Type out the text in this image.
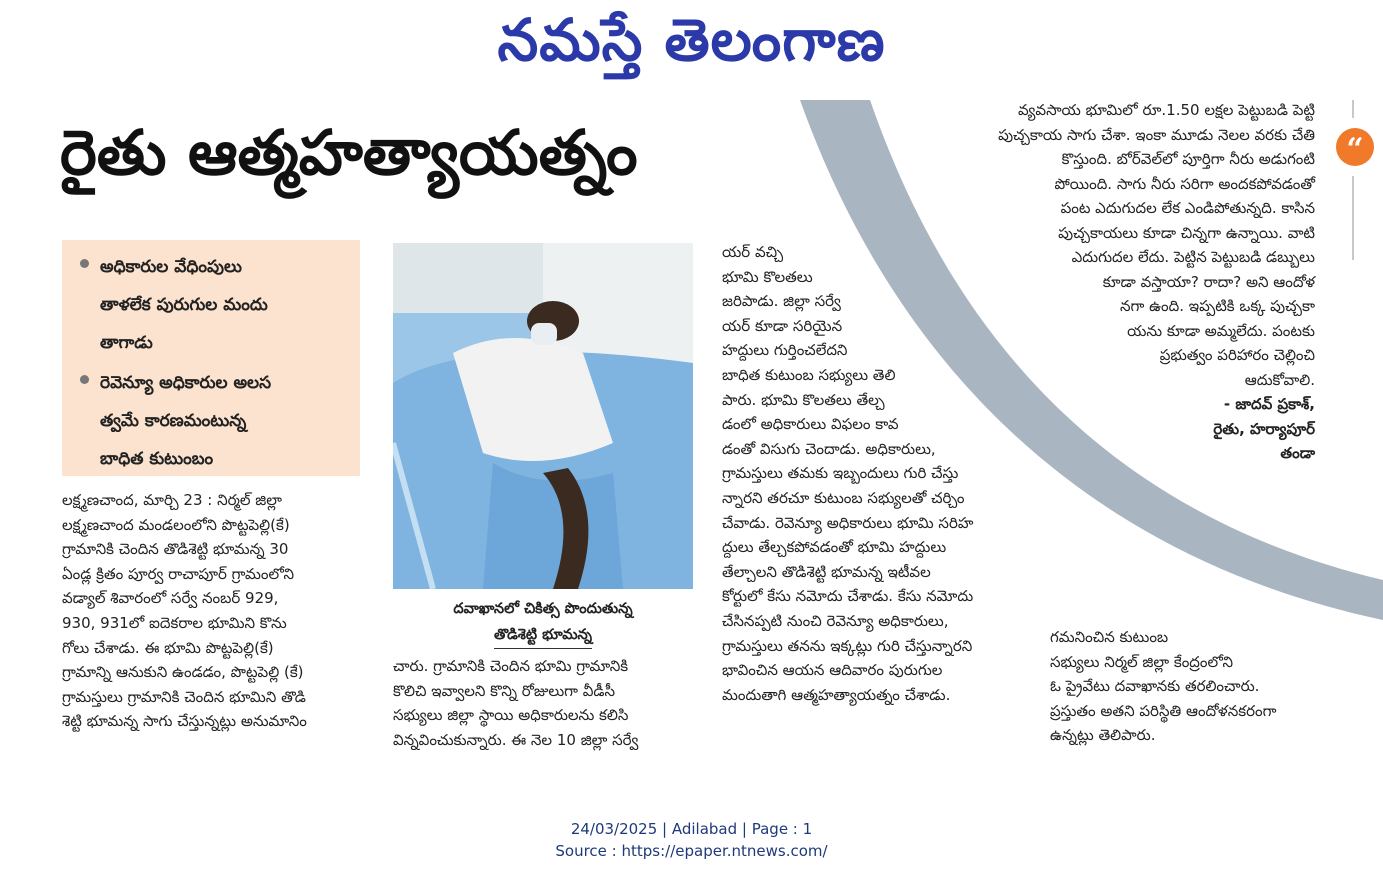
నమస్తే తెలంగాణ
రైతు ఆత్మహత్యాయత్నం
అధికారుల వేధింపులు
తాళలేక పురుగుల మందు
తాగాడు
రెవెన్యూ అధికారుల అలస
త్వమే కారణమంటున్న
బాధిత కుటుంబం
లక్ష్మణచాంద, మార్చి 23 : నిర్మల్ జిల్లా
లక్ష్మణచాంద మండలంలోని పొట్టపెల్లి(కే)
గ్రామానికి చెందిన తొడిశెట్టి భూమన్న 30
ఏండ్ల క్రితం పూర్వ రాచాపూర్ గ్రామంలోని
వడ్యాల్ శివారంలో సర్వే నంబర్ 929,
930, 931లో ఐదెకరాల భూమిని కొను
గోలు చేశాడు. ఈ భూమి పొట్టపెల్లి(కే)
గ్రామాన్ని ఆనుకుని ఉండడం, పొట్టపెల్లి (కే)
గ్రామస్తులు గ్రామానికి చెందిన భూమిని తొడి
శెట్టి భూమన్న సాగు చేస్తున్నట్లు అనుమానిం
దవాఖానలో చికిత్స పొందుతున్న
తొడిశెట్టి భూమన్న
చారు. గ్రామానికి చెందిన భూమి గ్రామానికి
కొలిచి ఇవ్వాలని కొన్ని రోజులుగా వీడీసీ
సభ్యులు జిల్లా స్థాయి అధికారులను కలిసి
విన్నవించుకున్నారు. ఈ నెల 10 జిల్లా సర్వే
యర్ వచ్చి
భూమి కొలతలు
జరిపాడు. జిల్లా సర్వే
యర్ కూడా సరియైన
హద్దులు గుర్తించలేదని
బాధిత కుటుంబ సభ్యులు తెలి
పారు. భూమి కొలతలు తేల్చ
డంలో అధికారులు విఫలం కావ
డంతో విసుగు చెందాడు. అధికారులు,
గ్రామస్తులు తమకు ఇబ్బందులు గురి చేస్తు
న్నారని తరచూ కుటుంబ సభ్యులతో చర్చిం
చేవాడు. రెవెన్యూ అధికారులు భూమి సరిహ
ద్దులు తేల్చకపోవడంతో భూమి హద్దులు
తేల్చాలని తొడిశెట్టి భూమన్న ఇటీవల
కోర్టులో కేసు నమోదు చేశాడు. కేసు నమోదు
చేసినప్పటి నుంచి రెవెన్యూ అధికారులు,
గ్రామస్తులు తనను ఇక్కట్లు గురి చేస్తున్నారని
భావించిన ఆయన ఆదివారం పురుగుల
మందుతాగి ఆత్మహత్యాయత్నం చేశాడు.
గమనించిన కుటుంబ
సభ్యులు నిర్మల్ జిల్లా కేంద్రంలోని
ఓ ప్రైవేటు దవాఖానకు తరలించారు.
ప్రస్తుతం అతని పరిస్థితి ఆందోళనకరంగా
ఉన్నట్లు తెలిపారు.
వ్యవసాయ భూమిలో రూ.1.50 లక్షల పెట్టుబడి పెట్టి
పుచ్చకాయ సాగు చేశా. ఇంకా మూడు నెలల వరకు చేతి
కొస్తుంది. బోర్‌వెల్‌లో పూర్తిగా నీరు అడుగంటి
పోయింది. సాగు నీరు సరిగా అందకపోవడంతో
పంట ఎదుగుదల లేక ఎండిపోతున్నది. కాసిన
పుచ్చకాయలు కూడా చిన్నగా ఉన్నాయి. వాటి
ఎదుగుదల లేదు. పెట్టిన పెట్టుబడి డబ్బులు
కూడా వస్తాయా? రాదా? అని ఆందోళ
నగా ఉంది. ఇప్పటికి ఒక్క పుచ్చకా
యను కూడా అమ్మలేదు. పంటకు
ప్రభుత్వం పరిహారం చెల్లించి
ఆదుకోవాలి.
- జాదవ్ ప్రకాశ్,
రైతు, హర్యాపూర్
తండా
“
24/03/2025 | Adilabad | Page : 1
Source : https://epaper.ntnews.com/
